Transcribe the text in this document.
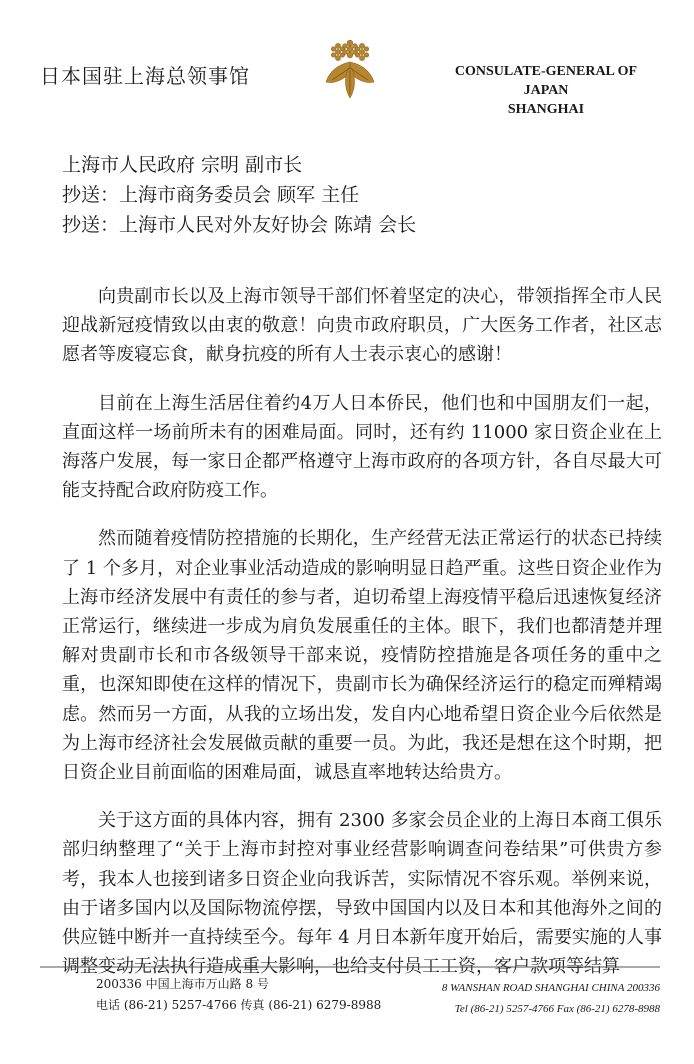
日本国驻上海总领事馆	CONSULATE-GENERAL OF JAPAN
SHANGHAI
上海市人民政府 宗明 副市长
抄送：上海市商务委员会 顾军 主任
抄送：上海市人民对外友好协会 陈靖 会长

向贵副市长以及上海市领导干部们怀着坚定的决心，带领指挥全市人民迎战新冠疫情致以由衷的敬意！向贵市政府职员，广大医务工作者，社区志愿者等废寝忘食，献身抗疫的所有人士表示衷心的感谢！

目前在上海生活居住着约4万人日本侨民，他们也和中国朋友们一起，直面这样一场前所未有的困难局面。同时，还有约 11000 家日资企业在上海落户发展，每一家日企都严格遵守上海市政府的各项方针，各自尽最大可能支持配合政府防疫工作。

然而随着疫情防控措施的长期化，生产经营无法正常运行的状态已持续了 1 个多月，对企业事业活动造成的影响明显日趋严重。这些日资企业作为上海市经济发展中有责任的参与者，迫切希望上海疫情平稳后迅速恢复经济正常运行，继续进一步成为肩负发展重任的主体。眼下，我们也都清楚并理解对贵副市长和市各级领导干部来说，疫情防控措施是各项任务的重中之重，也深知即使在这样的情况下，贵副市长为确保经济运行的稳定而殚精竭虑。然而另一方面，从我的立场出发，发自内心地希望日资企业今后依然是为上海市经济社会发展做贡献的重要一员。为此，我还是想在这个时期，把日资企业目前面临的困难局面，诚恳直率地转达给贵方。

关于这方面的具体内容，拥有 2300 多家会员企业的上海日本商工俱乐部归纳整理了“关于上海市封控对事业经营影响调查问卷结果”可供贵方参考，我本人也接到诸多日资企业向我诉苦，实际情况不容乐观。举例来说，由于诸多国内以及国际物流停摆，导致中国国内以及日本和其他海外之间的供应链中断并一直持续至今。每年 4 月日本新年度开始后，需要实施的人事调整变动无法执行造成重大影响，也给支付员工工资，客户款项等结算

200336 中国上海市万山路 8 号
电话 (86-21) 5257-4766 传真 (86-21) 6279-8988
8 WANSHAN ROAD SHANGHAI CHINA 200336
Tel (86-21) 5257-4766 Fax (86-21) 6278-8988
